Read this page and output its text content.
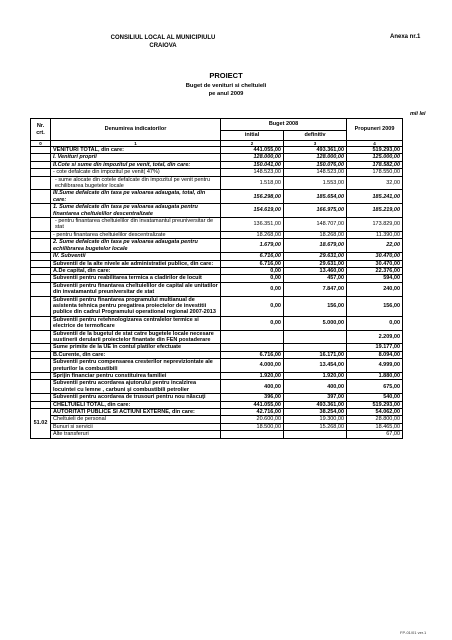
CONSILIUL LOCAL AL MUNICIPIULU
CRAIOVA
Anexa nr.1
PROIECT
Buget de venituri si cheltuieli
pe anul 2009
mii lei
Nr. crt.	Denumirea indicatorilor	Buget 2008		Propuneri 2009
		initial	definitiv	
0	1	2	3	4
	VENITURI TOTAL, din care:	441.055,00	493.361,00	519.293,00
	I. Venituri proprii	128.000,00	128.000,00	125.000,00
	II.Cote si sume din impozitul pe venit, total, din care:	150.041,00	150.076,00	178.582,00
	- cote defalcate din impozitul pe venit( 47%)	148.523,00	148.523,00	178.550,00
	- sume alocate din cotele defalcate din impozitul pe venit pentru echilibrarea bugetelor locale	1.518,00	1.553,00	32,00
	III.Sume defalcate din taxa pe valoarea adaugata, total, din care:	156.298,00	185.654,00	185.241,00
	1. Sume defalcate din taxa pe valoarea adaugata pentru finantarea cheltuielilor descentralizate	154.619,00	166.975,00	185.219,00
	- pentru finantarea cheltuielilor din invatamantul preuniversitar de stat	136.351,00	148.707,00	173.829,00
	- pentru finantarea cheltuielilor descentralizate	18.268,00	18.268,00	11.390,00
	2. Sume defalcate din taxa pe valoarea adaugata pentru echilibrarea bugetelor locale	1.679,00	18.679,00	22,00
	IV. Subventii	6.716,00	29.631,00	30.470,00
	Subventii de la alte nivele ale administratiei publice, din care:	6.716,00	29.631,00	30.470,00
	A.De capital, din care:	0,00	13.460,00	22.376,00
	Subventii pentru reabilitarea termica a cladirilor de locuit	0,00	457,00	594,00
	Subventii pentru finantarea cheltuielilor de capital ale unitatilor din invatamantul preuniversitar de stat	0,00	7.847,00	240,00
	Subventii pentru finantarea programului multianual de asistenta tehnica pentru pregatirea proiectelor de investitii publice din cadrul Programului operational regional 2007-2013	0,00	156,00	156,00
	Subventii pentru retehnologizarea centralelor termice si electrice de termoficare	0,00	5.000,00	0,00
	Subventii de la bugetul de stat catre bugetele locale necesare sustinerii derularii proiectelor finantate din FEN postaderare			2.209,00
	Sume primite de la UE în contul platilor efectuate			19.177,00
	B.Curente, din care:	6.716,00	16.171,00	8.094,00
	Subventii pentru compensarea cresterilor nepreviziontate ale preturilor la combustibili	4.000,00	13.454,00	4.999,00
	Sprijin financiar pentru constituirea familiei	1.920,00	1.920,00	1.880,00
	Subventii pentru acordarea ajutorului pentru incalzirea locuintei cu lemne , carbuni şi combustibili petrolier	400,00	400,00	675,00
	Subventii pentru acordarea de trusouri pentru nou născuţi	396,00	397,00	540,00
	CHELTUIELI TOTAL, din care:	441.055,00	493.361,00	519.293,00
51.02	AUTORITATI PUBLICE SI ACTIUNI EXTERNE, din care:	42.716,00	38.254,00	54.062,00
	Cheltuieli de personal	20.600,00	19.300,00	28.800,00
	Bunuri si servicii	18.500,00	15.268,00	18.465,00
	Alte transferuri			67,00
FP-01/01 ver.1
